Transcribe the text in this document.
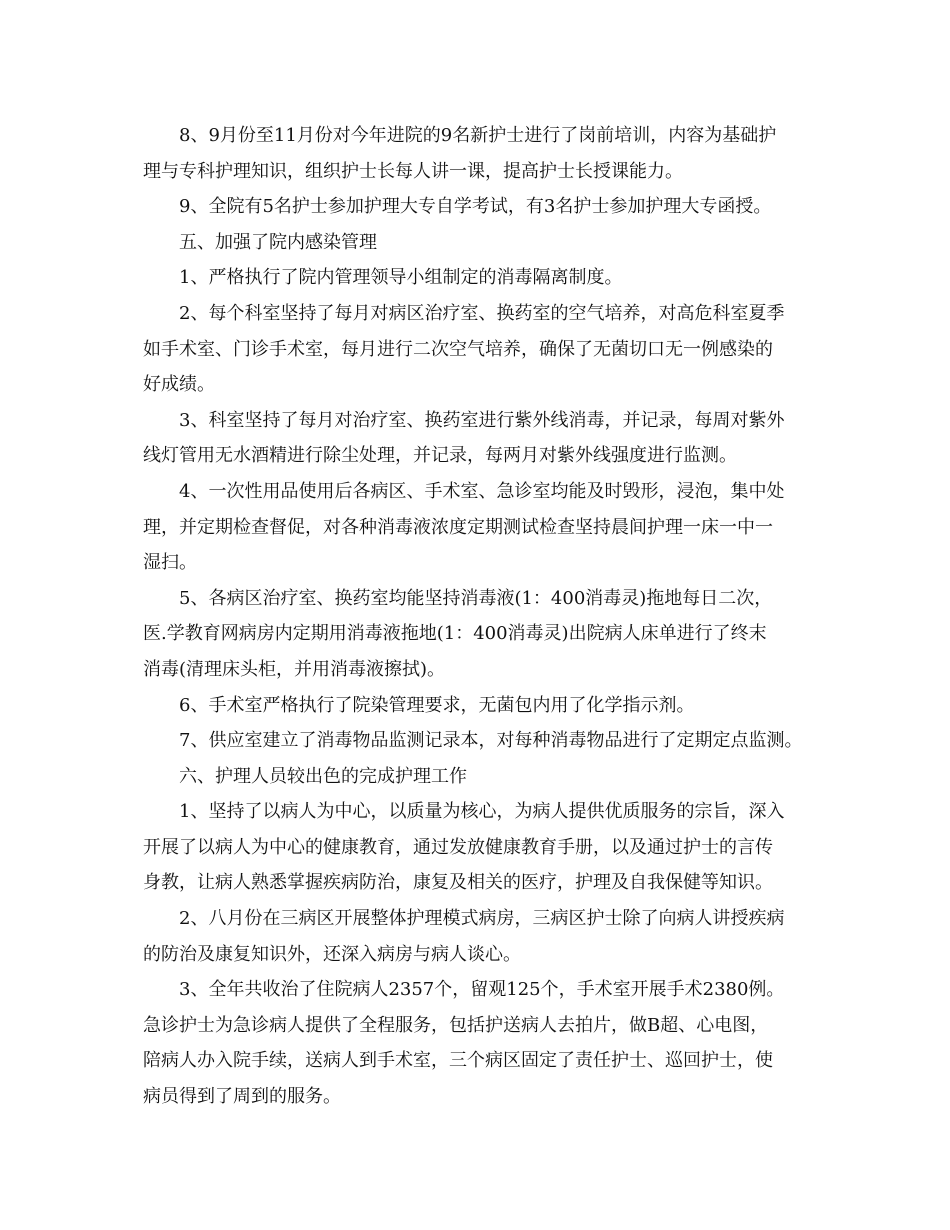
8、9月份至11月份对今年进院的9名新护士进行了岗前培训，内容为基础护
理与专科护理知识，组织护士长每人讲一课，提高护士长授课能力。
9、全院有5名护士参加护理大专自学考试，有3名护士参加护理大专函授。
五、加强了院内感染管理
1、严格执行了院内管理领导小组制定的消毒隔离制度。
2、每个科室坚持了每月对病区治疗室、换药室的空气培养，对高危科室夏季
如手术室、门诊手术室，每月进行二次空气培养，确保了无菌切口无一例感染的
好成绩。
3、科室坚持了每月对治疗室、换药室进行紫外线消毒，并记录，每周对紫外
线灯管用无水酒精进行除尘处理，并记录，每两月对紫外线强度进行监测。
4、一次性用品使用后各病区、手术室、急诊室均能及时毁形，浸泡，集中处
理，并定期检查督促，对各种消毒液浓度定期测试检查坚持晨间护理一床一中一
湿扫。
5、各病区治疗室、换药室均能坚持消毒液(1：400消毒灵)拖地每日二次，
医.学教育网病房内定期用消毒液拖地(1：400消毒灵)出院病人床单进行了终末
消毒(清理床头柜，并用消毒液擦拭)。
6、手术室严格执行了院染管理要求，无菌包内用了化学指示剂。
7、供应室建立了消毒物品监测记录本，对每种消毒物品进行了定期定点监测。
六、护理人员较出色的完成护理工作
1、坚持了以病人为中心，以质量为核心，为病人提供优质服务的宗旨，深入
开展了以病人为中心的健康教育，通过发放健康教育手册，以及通过护士的言传
身教，让病人熟悉掌握疾病防治，康复及相关的医疗，护理及自我保健等知识。
2、八月份在三病区开展整体护理模式病房，三病区护士除了向病人讲授疾病
的防治及康复知识外，还深入病房与病人谈心。
3、全年共收治了住院病人2357个，留观125个，手术室开展手术2380例。
急诊护士为急诊病人提供了全程服务，包括护送病人去拍片，做B超、心电图，
陪病人办入院手续，送病人到手术室，三个病区固定了责任护士、巡回护士，使
病员得到了周到的服务。
